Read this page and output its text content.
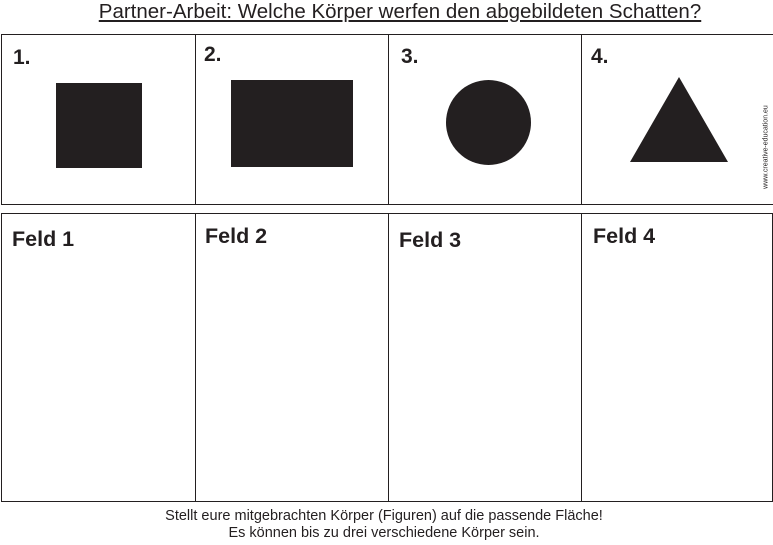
Partner-Arbeit: Welche Körper werfen den abgebildeten Schatten?
1.	2.	3.	4.
www.creative-education.eu
Feld 1	Feld 2	Feld 3	Feld 4
Stellt eure mitgebrachten Körper (Figuren) auf die passende Fläche!
Es können bis zu drei verschiedene Körper sein.
